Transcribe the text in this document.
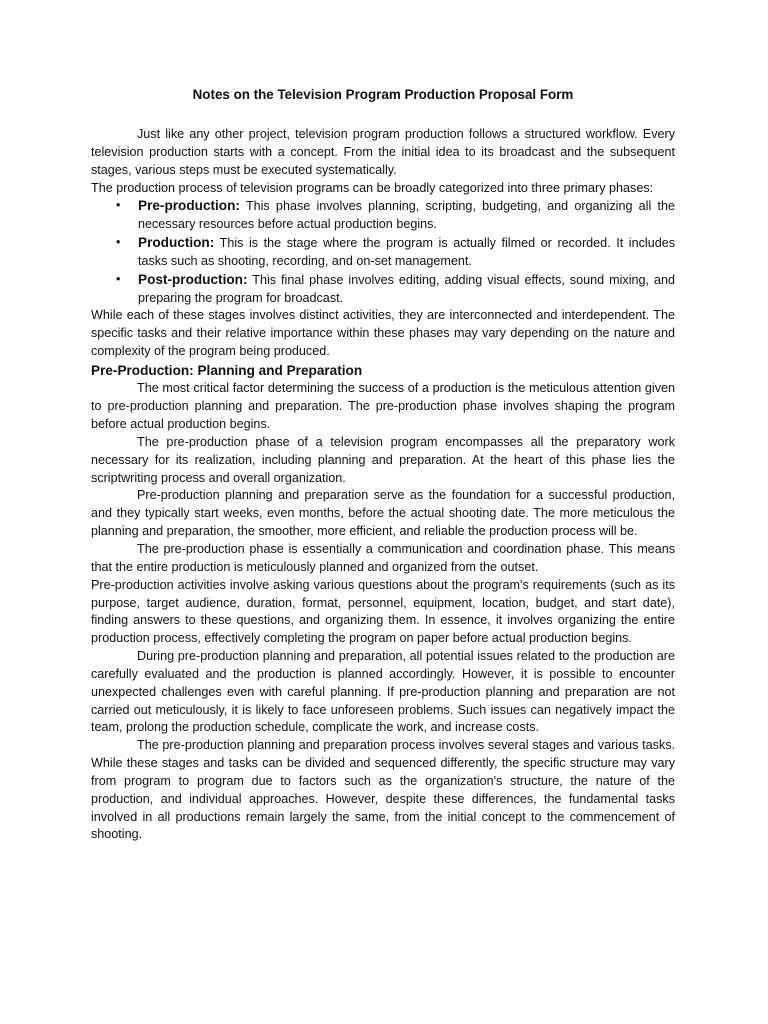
Notes on the Television Program Production Proposal Form

Just like any other project, television program production follows a structured workflow. Every television production starts with a concept. From the initial idea to its broadcast and the subsequent stages, various steps must be executed systematically.

The production process of television programs can be broadly categorized into three primary phases:

• Pre-production: This phase involves planning, scripting, budgeting, and organizing all the necessary resources before actual production begins.
• Production: This is the stage where the program is actually filmed or recorded. It includes tasks such as shooting, recording, and on-set management.
• Post-production: This final phase involves editing, adding visual effects, sound mixing, and preparing the program for broadcast.

While each of these stages involves distinct activities, they are interconnected and interdependent. The specific tasks and their relative importance within these phases may vary depending on the nature and complexity of the program being produced.

Pre-Production: Planning and Preparation

The most critical factor determining the success of a production is the meticulous attention given to pre-production planning and preparation. The pre-production phase involves shaping the program before actual production begins.

The pre-production phase of a television program encompasses all the preparatory work necessary for its realization, including planning and preparation. At the heart of this phase lies the scriptwriting process and overall organization.

Pre-production planning and preparation serve as the foundation for a successful production, and they typically start weeks, even months, before the actual shooting date. The more meticulous the planning and preparation, the smoother, more efficient, and reliable the production process will be.

The pre-production phase is essentially a communication and coordination phase. This means that the entire production is meticulously planned and organized from the outset.

Pre-production activities involve asking various questions about the program's requirements (such as its purpose, target audience, duration, format, personnel, equipment, location, budget, and start date), finding answers to these questions, and organizing them. In essence, it involves organizing the entire production process, effectively completing the program on paper before actual production begins.

During pre-production planning and preparation, all potential issues related to the production are carefully evaluated and the production is planned accordingly. However, it is possible to encounter unexpected challenges even with careful planning. If pre-production planning and preparation are not carried out meticulously, it is likely to face unforeseen problems. Such issues can negatively impact the team, prolong the production schedule, complicate the work, and increase costs.

The pre-production planning and preparation process involves several stages and various tasks. While these stages and tasks can be divided and sequenced differently, the specific structure may vary from program to program due to factors such as the organization's structure, the nature of the production, and individual approaches. However, despite these differences, the fundamental tasks involved in all productions remain largely the same, from the initial concept to the commencement of shooting.
